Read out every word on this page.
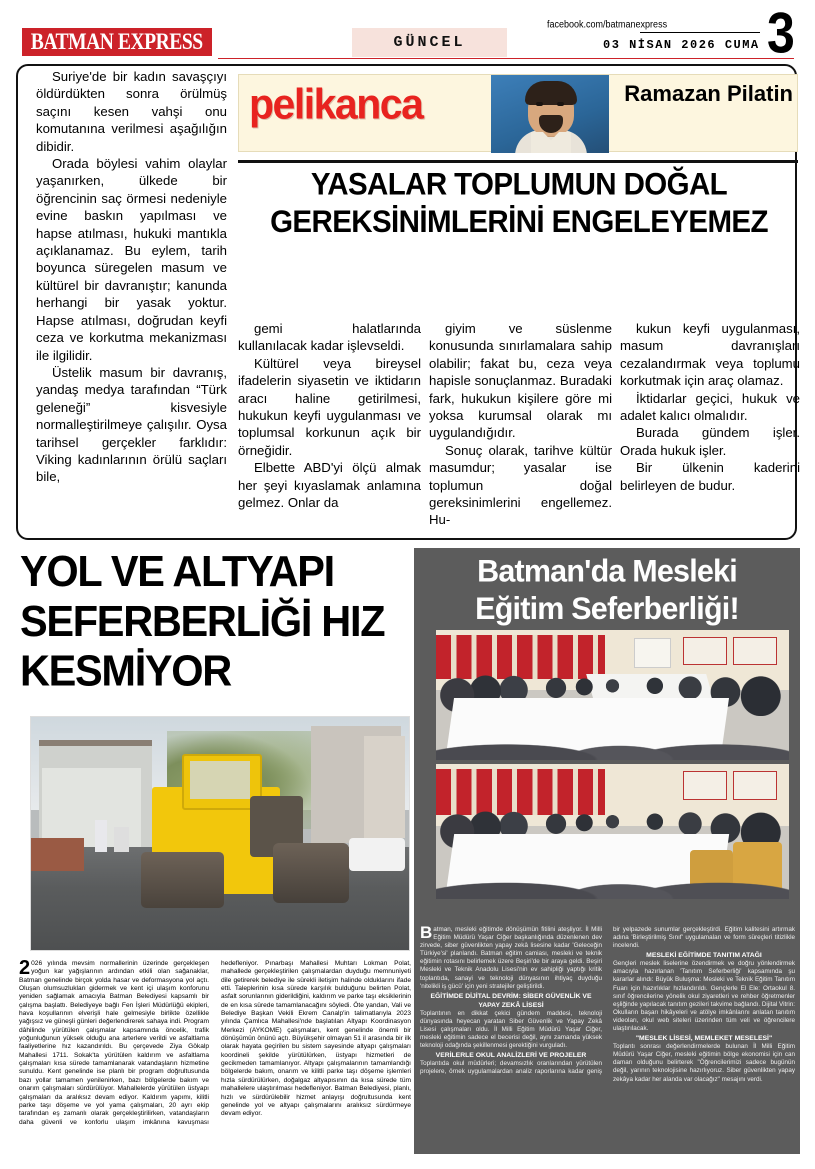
BATMAN EXPRESS	GÜNCEL
facebook.com/batmanexpress
03 NİSAN 2026 CUMA 3
pelikanca	Ramazan Pilatin
YASALAR TOPLUMUN DOĞAL GEREKSİNİMLERİNİ ENGELEYEMEZ

Suriye'de bir kadın savaşçıyı öldürdükten sonra örülmüş saçını kesen vahşi onu komutanına verilmesi aşağılığın dibidir.

Orada böylesi vahim olaylar yaşanırken, ülkede bir öğrencinin saç örmesi nedeniyle evine baskın yapılması ve hapse atılması, hukuki mantıkla açıklanamaz. Bu eylem, tarih boyunca süregelen masum ve kültürel bir davranıştır; kanunda herhangi bir yasak yoktur. Hapse atılması, doğrudan keyfi ceza ve korkutma mekanizması ile ilgilidir.

Üstelik masum bir davranış, yandaş medya tarafından “Türk geleneği” kisvesiyle normalleştirilmeye çalışılır. Oysa tarihsel gerçekler farklıdır: Viking kadınlarının örülü saçları bile,

gemi halatlarında kullanılacak kadar işlevseldi.

Kültürel veya bireysel ifadelerin siyasetin ve iktidarın aracı haline getirilmesi, hukukun keyfi uygulanması ve toplumsal korkunun açık bir örneğidir.

Elbette ABD'yi ölçü almak her şeyi kıyaslamak anlamına gelmez. Onlar da

giyim ve süslenme konusunda sınırlamalara sahip olabilir; fakat bu, ceza veya hapisle sonuçlanmaz. Buradaki fark, hukukun kişilere göre mi yoksa kurumsal olarak mı uygulandığıdır.

Sonuç olarak, tarihve kültür masumdur; yasalar ise toplumun doğal gereksinimlerini engellemez. Hu-

kukun keyfi uygulanması, masum davranışları cezalandırmak veya toplumu korkutmak için araç olamaz.

İktidarlar geçici, hukuk ve adalet kalıcı olmalıdır.

Burada gündem işler. Orada hukuk işler.

Bir ülkenin kaderini belirleyen de budur.

YOL VE ALTYAPI SEFERBERLİĞİ HIZ KESMİYOR
2 026 yılında mevsim normallerinin üzerinde gerçekleşen yoğun kar yağışlarının ardından etkili olan sağanaklar, Batman genelinde birçok yolda hasar ve deformasyona yol açtı. Oluşan olumsuzlukları gidermek ve kent içi ulaşım konforunu yeniden sağlamak amacıyla Batman Belediyesi kapsamlı bir çalışma başlattı. Belediyeye bağlı Fen İşleri Müdürlüğü ekipleri, hava koşullarının elverişli hale gelmesiyle birlikte özellikle yağışsız ve güneşli günleri değerlendirerek sahaya indi. Program dâhilinde yürütülen çalışmalar kapsamında öncelik, trafik yoğunluğunun yüksek olduğu ana arterlere verildi ve asfaltlama faaliyetlerine hız kazandırıldı. Bu çerçevede Ziya Gökalp Mahallesi 1711. Sokak'ta yürütülen kaldırım ve asfaltlama çalışmaları kısa sürede tamamlanarak vatandaşların hizmetine sunuldu. Kent genelinde ise planlı bir program doğrultusunda bazı yollar tamamen yenilenirken, bazı bölgelerde bakım ve onarım çalışmaları sürdürülüyor. Mahallelerde yürütülen üstyapı çalışmaları da aralıksız devam ediyor. Kaldırım yapımı, kilitli parke taşı döşeme ve yol yama çalışmaları, 20 ayrı ekip tarafından eş zamanlı olarak gerçekleştirilirken, vatandaşların daha güvenli ve konforlu ulaşım imkânına kavuşması hedefleniyor. Pınarbaşı Mahallesi Muhtarı Lokman Polat, mahallede gerçekleştirilen çalışmalardan duyduğu memnuniyeti dile getirerek belediye ile sürekli iletişim halinde olduklarını ifade etti. Taleplerinin kısa sürede karşılık bulduğunu belirten Polat, asfalt sorunlarının giderildiğini, kaldırım ve parke taşı eksiklerinin de en kısa sürede tamamlanacağını söyledi. Öte yandan, Vali ve Belediye Başkan Vekili Ekrem Canalp'in talimatlarıyla 2023 yılında Çamlıca Mahallesi'nde başlatılan Altyapı Koordinasyon Merkezi (AYKOME) çalışmaları, kent genelinde önemli bir dönüşümün önünü açtı. Büyükşehir olmayan 51 il arasında bir ilk olarak hayata geçirilen bu sistem sayesinde altyapı çalışmaları koordineli şekilde yürütülürken, üstyapı hizmetleri de gecikmeden tamamlanıyor. Altyapı çalışmalarının tamamlandığı bölgelerde bakım, onarım ve kilitli parke taşı döşeme işlemleri hızla sürdürülürken, doğalgaz altyapısının da kısa sürede tüm mahallelere ulaştırılması hedefleniyor. Batman Belediyesi, planlı, hızlı ve sürdürülebilir hizmet anlayışı doğrultusunda kent genelinde yol ve altyapı çalışmalarını aralıksız sürdürmeye devam ediyor.
Batman'da Mesleki
Eğitim Seferberliği!
Batman, mesleki eğitimde dönüşümün fitilini ateşliyor. İl Milli Eğitim Müdürü Yaşar Ciğer başkanlığında düzenlenen dev zirvede, siber güvenlikten yapay zekâ lisesine kadar 'Geleceğin Türkiye'si' planlandı. Batman eğitim camiası, mesleki ve teknik eğitimin rotasını belirlemek üzere Beşiri'de bir araya geldi. Beşiri Mesleki ve Teknik Anadolu Lisesi'nin ev sahipliği yaptığı kritik toplantıda, sanayi ve teknoloji dünyasının ihtiyaç duyduğu 'nitelikli iş gücü' için yeni stratejiler geliştirildi.
EĞİTİMDE DİJİTAL DEVRİM: SİBER GÜVENLİK VE YAPAY ZEKÂ LİSESİ
Toplantının en dikkat çekici gündem maddesi, teknoloji dünyasında heyecan yaratan Siber Güvenlik ve Yapay Zekâ Lisesi çalışmaları oldu. İl Milli Eğitim Müdürü Yaşar Ciğer, mesleki eğitimin sadece el becerisi değil, aynı zamanda yüksek teknoloji odağında şekillenmesi gerektiğini vurguladı.
VERİLERLE OKUL ANALİZLERİ VE PROJELER
Toplantıda okul müdürleri; devamsızlık oranlarından yürütülen projelere, örnek uygulamalardan analiz raporlarına kadar geniş bir yelpazede sunumlar gerçekleştirdi. Eğitim kalitesini artırmak adına 'Birleştirilmiş Sınıf' uygulamaları ve form süreçleri titizlikle incelendi.
MESLEKİ EĞİTİMDE TANITIM ATAĞI
Gençleri meslek liselerine özendirmek ve doğru yönlendirmek amacıyla hazırlanan 'Tanıtım Seferberliği' kapsamında şu kararlar alındı: Büyük Buluşma: Mesleki ve Teknik Eğitim Tanıtım Fuarı için hazırlıklar hızlandırıldı. Gençlerle El Ele: Ortaokul 8. sınıf öğrencilerine yönelik okul ziyaretleri ve rehber öğretmenler eşliğinde yapılacak tanıtım gezileri takvime bağlandı. Dijital Vitrin: Okulların başarı hikâyeleri ve atölye imkânlarını anlatan tanıtım videoları, okul web siteleri üzerinden tüm veli ve öğrencilere ulaştırılacak.
"MESLEK LİSESİ, MEMLEKET MESELESİ"
Toplantı sonrası değerlendirmelerde bulunan İl Milli Eğitim Müdürü Yaşar Ciğer, mesleki eğitimin bölge ekonomisi için can damarı olduğunu belirterek "Öğrencilerimizi sadece bugünün değil, yarının teknolojisine hazırlıyoruz. Siber güvenlikten yapay zekâya kadar her alanda var olacağız" mesajını verdi.
